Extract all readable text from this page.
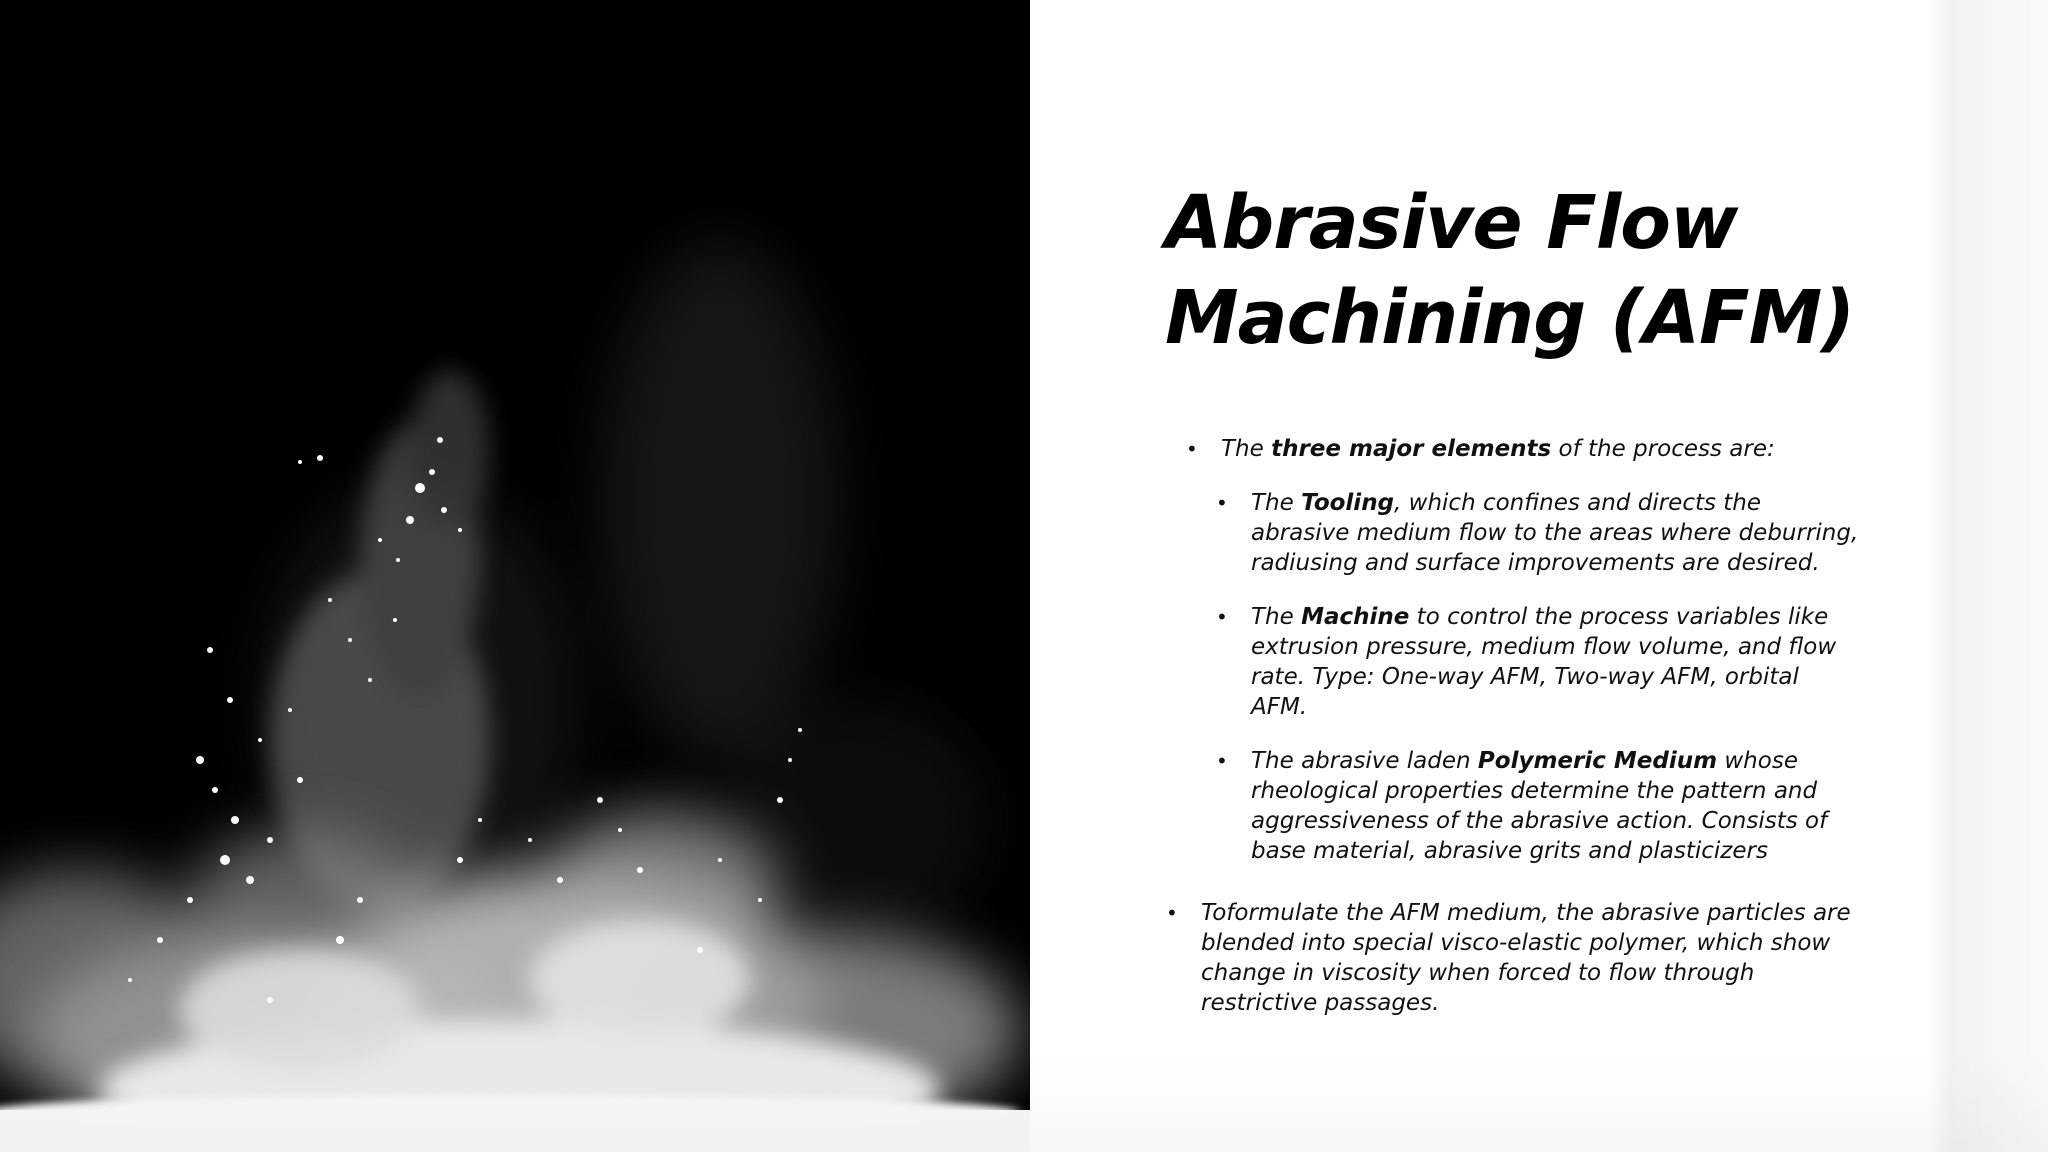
Abrasive Flow
Machining (AFM)

• The three major elements of the process are:

• The Tooling, which confines and directs the abrasive medium flow to the areas where deburring, radiusing and surface improvements are desired.

• The Machine to control the process variables like extrusion pressure, medium flow volume, and flow rate. Type: One-way AFM, Two-way AFM, orbital AFM.

• The abrasive laden Polymeric Medium whose rheological properties determine the pattern and aggressiveness of the abrasive action. Consists of base material, abrasive grits and plasticizers

• Toformulate the AFM medium, the abrasive particles are blended into special visco-elastic polymer, which show change in viscosity when forced to flow through restrictive passages.
